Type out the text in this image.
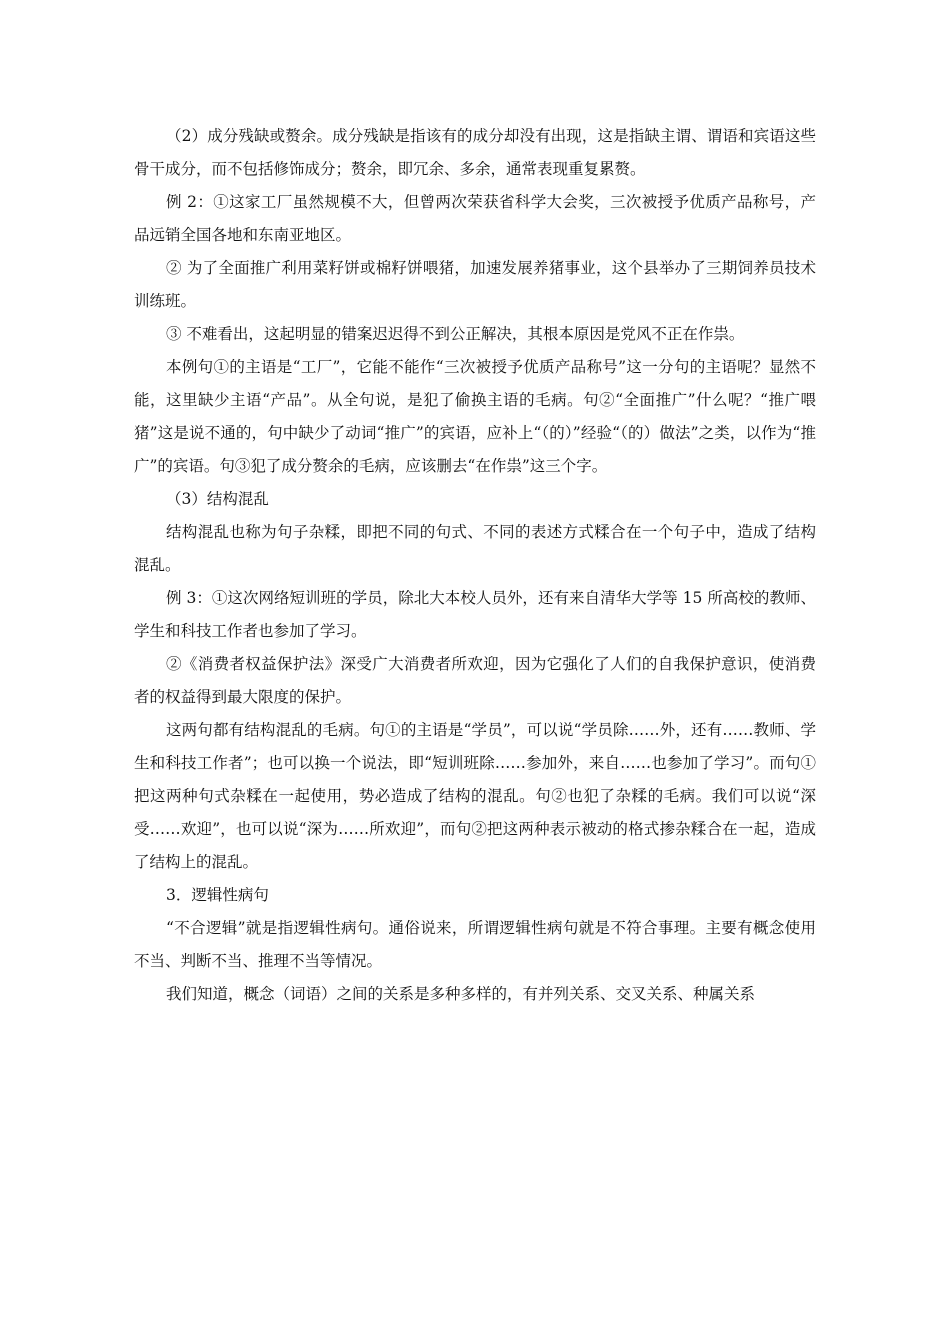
（2）成分残缺或赘余。成分残缺是指该有的成分却没有出现，这是指缺主谓、谓语和宾语这些骨干成分，而不包括修饰成分；赘余，即冗余、多余，通常表现重复累赘。

例 2：①这家工厂虽然规模不大，但曾两次荣获省科学大会奖，三次被授予优质产品称号，产品远销全国各地和东南亚地区。

② 为了全面推广利用菜籽饼或棉籽饼喂猪，加速发展养猪事业，这个县举办了三期饲养员技术训练班。

③ 不难看出，这起明显的错案迟迟得不到公正解决，其根本原因是党风不正在作祟。

本例句①的主语是“工厂”，它能不能作“三次被授予优质产品称号”这一分句的主语呢？显然不能，这里缺少主语“产品”。从全句说，是犯了偷换主语的毛病。句②“全面推广”什么呢？“推广喂猪”这是说不通的，句中缺少了动词“推广”的宾语，应补上“（的）”经验“（的）做法”之类，以作为“推广”的宾语。句③犯了成分赘余的毛病，应该删去“在作祟”这三个字。

（3）结构混乱

结构混乱也称为句子杂糅，即把不同的句式、不同的表述方式糅合在一个句子中，造成了结构混乱。

例 3：①这次网络短训班的学员，除北大本校人员外，还有来自清华大学等 15 所高校的教师、学生和科技工作者也参加了学习。

②《消费者权益保护法》深受广大消费者所欢迎，因为它强化了人们的自我保护意识，使消费者的权益得到最大限度的保护。

这两句都有结构混乱的毛病。句①的主语是“学员”，可以说“学员除……外，还有……教师、学生和科技工作者”；也可以换一个说法，即“短训班除……参加外，来自……也参加了学习”。而句①把这两种句式杂糅在一起使用，势必造成了结构的混乱。句②也犯了杂糅的毛病。我们可以说“深受……欢迎”，也可以说“深为……所欢迎”，而句②把这两种表示被动的格式掺杂糅合在一起，造成了结构上的混乱。

3．逻辑性病句

“不合逻辑”就是指逻辑性病句。通俗说来，所谓逻辑性病句就是不符合事理。主要有概念使用不当、判断不当、推理不当等情况。

我们知道，概念（词语）之间的关系是多种多样的，有并列关系、交叉关系、种属关系
